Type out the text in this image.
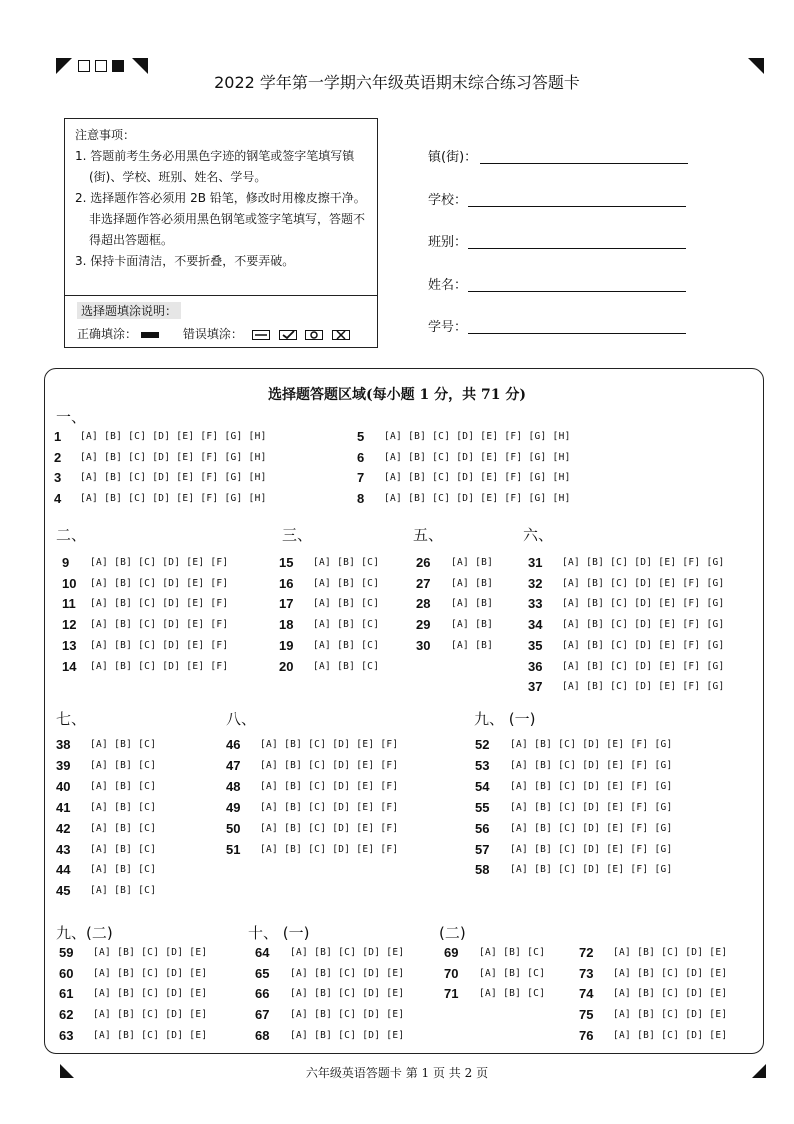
2022 学年第一学期六年级英语期末综合练习答题卡
注意事项：
1. 答题前考生务必用黑色字迹的钢笔或签字笔填写镇(街)、学校、班别、姓名、学号。
2. 选择题作答必须用 2B 铅笔，修改时用橡皮擦干净。非选择题作答必须用黑色钢笔或签字笔填写，答题不得超出答题框。
3. 保持卡面清洁，不要折叠，不要弄破。
选择题填涂说明：
正确填涂：	错误填涂：

镇(街)：
学校：
班别：
姓名：
学号：
选择题答题区域(每小题 1 分，共 71 分)
一、
二、	三、	五、	六、
七、	八、	九、 (一)
九、(二)	十、 (一)	(二)
1	[A] [B] [C] [D] [E] [F] [G] [H]
2	[A] [B] [C] [D] [E] [F] [G] [H]
3	[A] [B] [C] [D] [E] [F] [G] [H]
4	[A] [B] [C] [D] [E] [F] [G] [H]
5	[A] [B] [C] [D] [E] [F] [G] [H]
6	[A] [B] [C] [D] [E] [F] [G] [H]
7	[A] [B] [C] [D] [E] [F] [G] [H]
8	[A] [B] [C] [D] [E] [F] [G] [H]
9	[A] [B] [C] [D] [E] [F]
10	[A] [B] [C] [D] [E] [F]
11	[A] [B] [C] [D] [E] [F]
12	[A] [B] [C] [D] [E] [F]
13	[A] [B] [C] [D] [E] [F]
14	[A] [B] [C] [D] [E] [F]
15	[A] [B] [C]
16	[A] [B] [C]
17	[A] [B] [C]
18	[A] [B] [C]
19	[A] [B] [C]
20	[A] [B] [C]
26	[A] [B]
27	[A] [B]
28	[A] [B]
29	[A] [B]
30	[A] [B]
31	[A] [B] [C] [D] [E] [F] [G]
32	[A] [B] [C] [D] [E] [F] [G]
33	[A] [B] [C] [D] [E] [F] [G]
34	[A] [B] [C] [D] [E] [F] [G]
35	[A] [B] [C] [D] [E] [F] [G]
36	[A] [B] [C] [D] [E] [F] [G]
37	[A] [B] [C] [D] [E] [F] [G]
38	[A] [B] [C]
39	[A] [B] [C]
40	[A] [B] [C]
41	[A] [B] [C]
42	[A] [B] [C]
43	[A] [B] [C]
44	[A] [B] [C]
45	[A] [B] [C]
46	[A] [B] [C] [D] [E] [F]
47	[A] [B] [C] [D] [E] [F]
48	[A] [B] [C] [D] [E] [F]
49	[A] [B] [C] [D] [E] [F]
50	[A] [B] [C] [D] [E] [F]
51	[A] [B] [C] [D] [E] [F]
52	[A] [B] [C] [D] [E] [F] [G]
53	[A] [B] [C] [D] [E] [F] [G]
54	[A] [B] [C] [D] [E] [F] [G]
55	[A] [B] [C] [D] [E] [F] [G]
56	[A] [B] [C] [D] [E] [F] [G]
57	[A] [B] [C] [D] [E] [F] [G]
58	[A] [B] [C] [D] [E] [F] [G]
59	[A] [B] [C] [D] [E]
60	[A] [B] [C] [D] [E]
61	[A] [B] [C] [D] [E]
62	[A] [B] [C] [D] [E]
63	[A] [B] [C] [D] [E]
64	[A] [B] [C] [D] [E]
65	[A] [B] [C] [D] [E]
66	[A] [B] [C] [D] [E]
67	[A] [B] [C] [D] [E]
68	[A] [B] [C] [D] [E]
69	[A] [B] [C]
70	[A] [B] [C]
71	[A] [B] [C]
72	[A] [B] [C] [D] [E]
73	[A] [B] [C] [D] [E]
74	[A] [B] [C] [D] [E]
75	[A] [B] [C] [D] [E]
76	[A] [B] [C] [D] [E]
六年级英语答题卡 第 1 页 共 2 页
